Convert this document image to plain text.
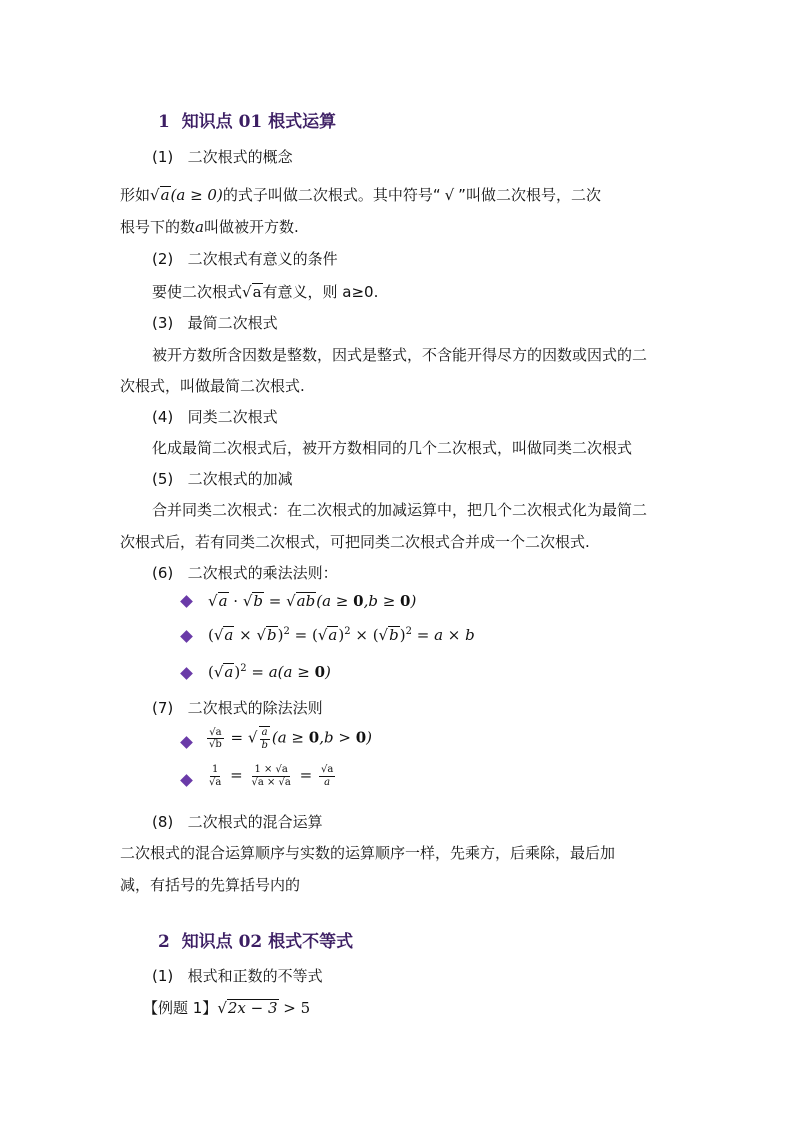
1 知识点 01 根式运算
(1) 二次根式的概念
形如√a(a ≥ 0)的式子叫做二次根式。其中符号“ √ ”叫做二次根号，二次
根号下的数a叫做被开方数.
(2) 二次根式有意义的条件
要使二次根式√a有意义，则 a≥0.
(3) 最简二次根式
被开方数所含因数是整数，因式是整式，不含能开得尽方的因数或因式的二
次根式，叫做最简二次根式.
(4) 同类二次根式
化成最简二次根式后，被开方数相同的几个二次根式，叫做同类二次根式
(5) 二次根式的加减
合并同类二次根式：在二次根式的加减运算中，把几个二次根式化为最简二
次根式后，若有同类二次根式，可把同类二次根式合并成一个二次根式.
(6) 二次根式的乘法法则：
√a · √b = √ab(a ≥ 0,b ≥ 0)
$(√a \times √b)^2 = (√a)^2 \times (√b)^2 = a \times b$
$(√a)^2 = a(a \ge 0)$
(7) 二次根式的除法法则
$\frac{√a}{√b}$ = √ $\frac{a}{b} (a \ge 0,b > 0)$
$\frac{1}{√a} = \frac{1 \times √a}{√a \times √a} = \frac{√a}{a}$
(8) 二次根式的混合运算
二次根式的混合运算顺序与实数的运算顺序一样，先乘方，后乘除，最后加
减，有括号的先算括号内的
2 知识点 02 根式不等式
(1) 根式和正数的不等式
【例题 1】√2x − 3 > 5
